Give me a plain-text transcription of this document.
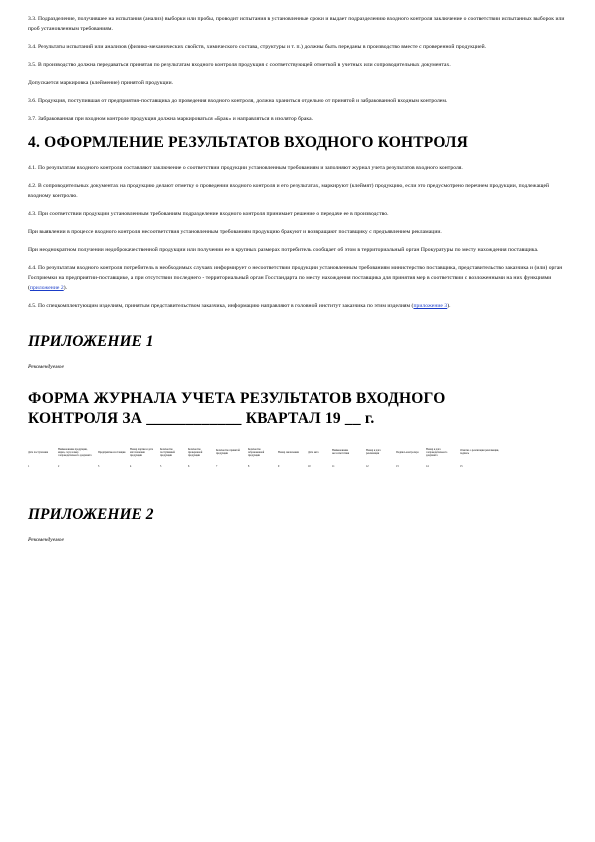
3.3. Подразделение, получившее на испытания (анализ) выборки или пробы, проводит испытания в установленные сроки и выдает подразделению входного контроля заключение о соответствии испытанных выборок или проб установленным требованиям.

3.4. Результаты испытаний или анализов (физико-механических свойств, химического состава, структуры и т. п.) должны быть переданы в производство вместе с проверенной продукцией.

3.5. В производство должна передаваться принятая по результатам входного контроля продукция с соответствующей отметкой в учетных или сопроводительных документах.

Допускается маркировка (клеймение) принятой продукции.

3.6. Продукция, поступившая от предприятия-поставщика до проведения входного контроля, должна храниться отдельно от принятой и забракованной входным контролем.

3.7. Забракованная при входном контроле продукция должна маркироваться «Брак» и направляться в изолятор брака.

4. ОФОРМЛЕНИЕ РЕЗУЛЬТАТОВ ВХОДНОГО КОНТРОЛЯ

4.1. По результатам входного контроля составляют заключение о соответствии продукции установленным требованиям и заполняют журнал учета результатов входного контроля.

4.2. В сопроводительных документах на продукцию делают отметку о проведении входного контроля и его результатах, маркируют (клеймят) продукцию, если это предусмотрено перечнем продукции, подлежащей входному контролю.

4.3. При соответствии продукции установленным требованиям подразделение входного контроля принимает решение о передаче ее в производство.

При выявлении в процессе входного контроля несоответствия установленным требованиям продукцию бракуют и возвращают поставщику с предъявлением рекламации.

При неоднократном получении недоброкачественной продукции или получении ее в крупных размерах потребитель сообщает об этом в территориальный орган Прокуратуры по месту нахождения поставщика.

4.4. По результатам входного контроля потребитель в необходимых случаях информирует о несоответствии продукции установленным требованиям министерство поставщика, представительство заказчика и (или) орган Госприемки на предприятии-поставщике, а при отсутствии последнего - территориальный орган Госстандарта по месту нахождения поставщика для принятия мер в соответствии с возложенными на них функциями (приложение 2).

4.5. По спецкомплектующим изделиям, принятым представительством заказчика, информацию направляют в головной институт заказчика по этим изделиям (приложение 3).

ПРИЛОЖЕНИЕ 1

Рекомендуемое

ФОРМА ЖУРНАЛА УЧЕТА РЕЗУЛЬТАТОВ ВХОДНОГО
КОНТРОЛЯ ЗА ____________ КВАРТАЛ 19 __ г.
Дата поступления
1
Наименование продукции, марка, сорт, номер сопроводительного документа
2
Предприятие-поставщик
3
Номер партии и дата изготовления продукции
4
Количество поступившей продукции
5
Количество проверенной продукции
6
Количество принятой продукции
7
Количество забракованной продукции
8
Номер заключения
9
Дата акта
10
Наименование несоответствия
11
Номер и дата рекламации
12
Подпись контролера
13
Номер и дата сопроводительного документа
14
Отметка о реализации рекламации, подпись
15
ПРИЛОЖЕНИЕ 2

Рекомендуемое
